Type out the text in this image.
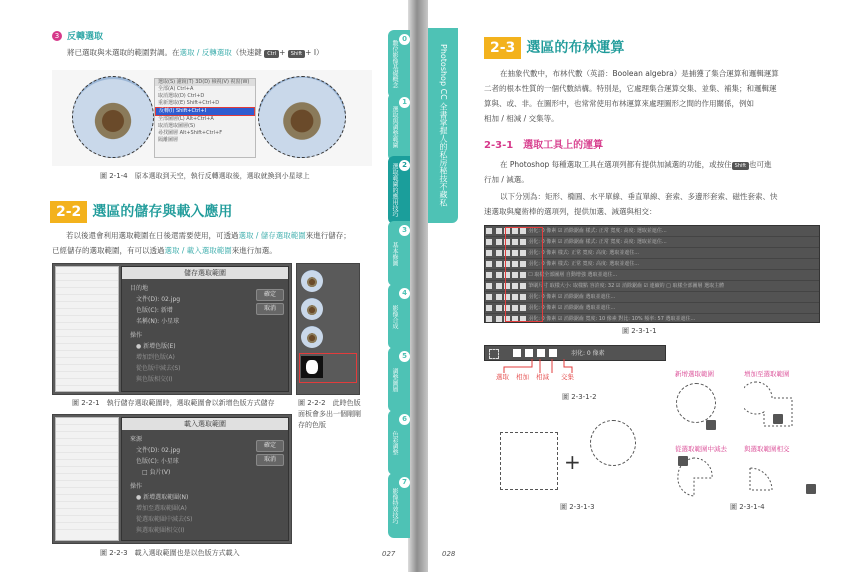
3 反轉選取
將已選取與未選取的範圍對調。在選取 / 反轉選取（快速鍵 Ctrl + Shift + I）
選取(S) 濾鏡(T) 3D(D) 檢視(V) 視窗(W)
全部(A) Ctrl+A
取消選取(D) Ctrl+D
重新選取(E) Shift+Ctrl+D
反轉(I) Shift+Ctrl+I
全部圖層(L) Alt+Ctrl+A
取消選取圖層(S)
尋找圖層 Alt+Shift+Ctrl+F
隔離圖層
圖 2-1-4　原本選取到天空，執行反轉選取後，選取就換到小星球上
2-2 選區的儲存與載入應用
若以後還會利用選取範圍在日後還需要使用，可透過選取 / 儲存選取範圍來進行儲存；
已經儲存的選取範圍，有可以透過選取 / 載入選取範圍來進行加選。
儲存選取範圍
目的地
文件(D): 02.jpg
色版(C): 新增
名稱(N): 小星球
操作
● 新增色版(E)
增加到色版(A)
從色版中減去(S)
與色版相交(I)
確定
取消
圖 2-2-1　執行儲存選取範圍時，選取範圍會以新增色版方式儲存	圖 2-2-2　此時色版
面板會多出一個剛剛
存的色版
載入選取範圍
來源
文件(D): 02.jpg
色版(C): 小星球
□ 負片(V)
操作
● 新增選取範圍(N)
增加至選取範圍(A)
從選取範圍中減去(S)
與選取範圍相交(I)
確定
取消
圖 2-2-3　載入選取範圍也是以色版方式載入	027
0
數位影像基礎概念
1
選取與調整範圍
2
選取範圍的應用技巧
3
基本修圖
4
影像合成
5
調整圖層
6
色彩調整
7
影像特效技巧
Photoshop CC 全書掌握人的私房秘技不藏私	2-3 選區的布林運算
在抽象代數中，布林代數（英語：Boolean algebra）是捕獲了集合運算和邏輯運算
二者的根本性質的一個代數結構。特別是，它處理集合運算交集、並集、補集；和邏輯運
算與、或、非。在圖形中，也常常使用布林運算來處理圖形之間的作用關係，例如
相加 / 相減 / 交集等。
2-3-1　選取工具上的運算
在 Photoshop 每種選取工具在選項列都有提供加減選的功能，或按住 Shift 也可進
行加 / 減選。
以下分別為：矩形、橢圓、水平單線、垂直單線、套索、多邊形套索、磁性套索、快
速選取與魔術棒的選項列，提供加選、減選與相交：
羽化: 0 像素 ☑ 消除鋸齒 樣式: 正常 寬度: 高度: 選取並遮住...
羽化: 0 像素 ☑ 消除鋸齒 樣式: 正常 寬度: 高度: 選取並遮住...
羽化: 0 像素 樣式: 正常 寬度: 高度: 選取並遮住...
羽化: 0 像素 樣式: 正常 寬度: 高度: 選取並遮住...
☐ 取樣全部圖層 自動增強 選取並遮住...
筆刷尺寸 取樣大小: 取樣點 容許度: 32 ☑ 消除鋸齒 ☑ 連續的 □ 取樣全部圖層 選取主體
羽化: 0 像素 ☑ 消除鋸齒 選取並遮住...
羽化: 0 像素 ☑ 消除鋸齒 選取並遮住...
羽化: 0 像素 ☑ 消除鋸齒 寬度: 10 像素 對比: 10% 頻率: 57 選取並遮住...
圖 2-3-1-1
羽化: 0 像素
選取 相加 相減 交集
圖 2-3-1-2
+
圖 2-3-1-3
新增選取範圍	增加至選取範圍
從選取範圍中減去	與選取範圍相交
圖 2-3-1-4
028
